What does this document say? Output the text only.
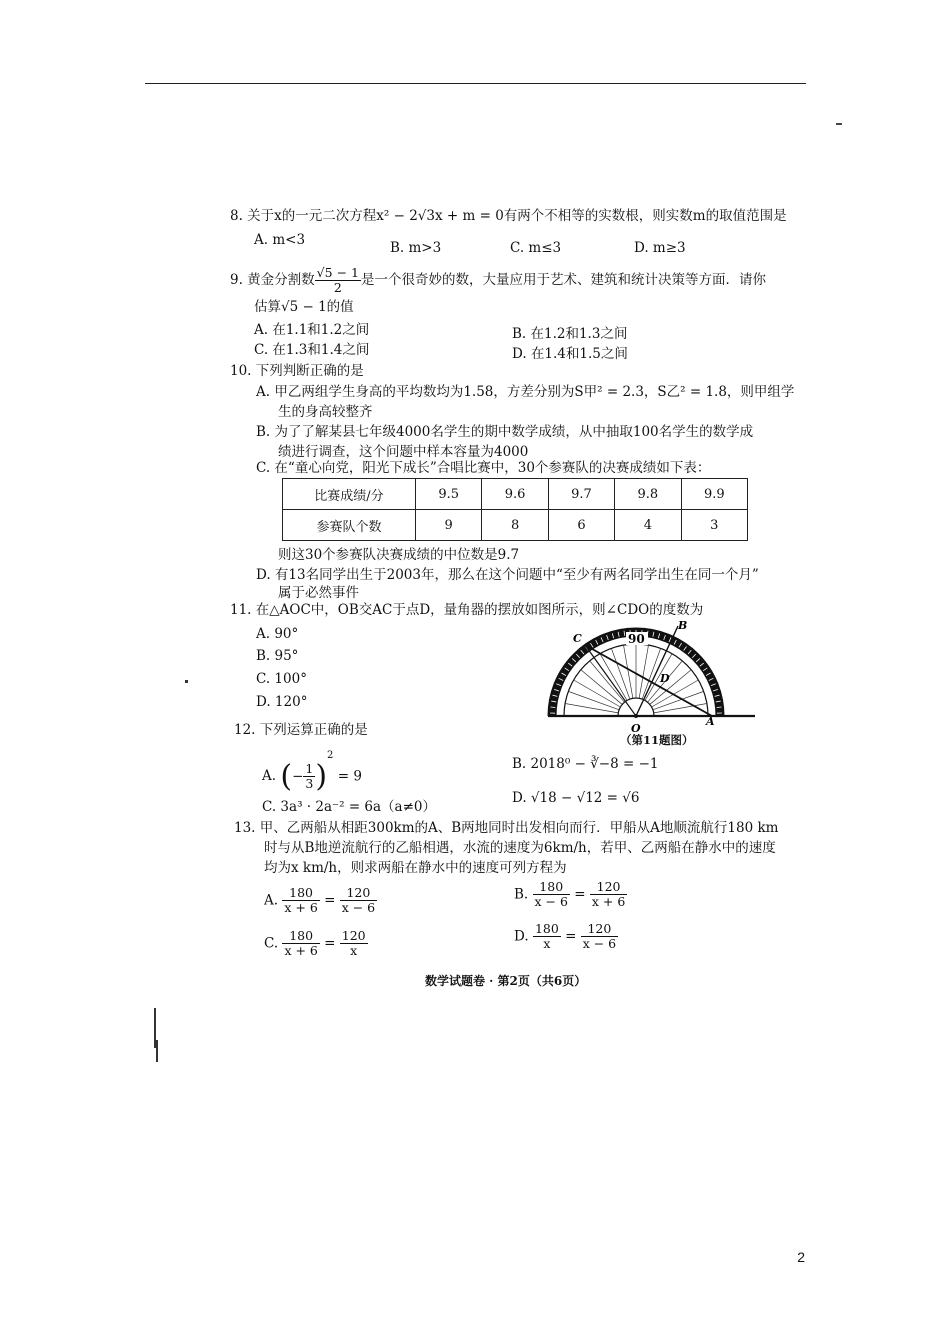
8. 关于x的一元二次方程x² − 2√3x + m = 0有两个不相等的实数根，则实数m的取值范围是
A. m<3	B. m>3	C. m≤3	D. m≥3
9. 黄金分割数 $\frac{√5 - 1}{2}$ 是一个很奇妙的数，大量应用于艺术、建筑和统计决策等方面．请你
估算√5 − 1的值
A. 在1.1和1.2之间	B. 在1.2和1.3之间
C. 在1.3和1.4之间	D. 在1.4和1.5之间
10. 下列判断正确的是
A. 甲乙两组学生身高的平均数均为1.58，方差分别为S甲² = 2.3，S乙² = 1.8，则甲组学
生的身高较整齐
B. 为了了解某县七年级4000名学生的期中数学成绩，从中抽取100名学生的数学成
绩进行调查，这个问题中样本容量为4000
C. 在“童心向党，阳光下成长”合唱比赛中，30个参赛队的决赛成绩如下表：
比赛成绩/分	9.5	9.6	9.7	9.8	9.9
参赛队个数	9	8	6	4	3
则这30个参赛队决赛成绩的中位数是9.7
D. 有13名同学出生于2003年，那么在这个问题中“至少有两名同学出生在同一个月”
属于必然事件
11. 在△AOC中，OB交AC于点D，量角器的摆放如图所示，则∠CDO的度数为
A. 90°
B. 95°
C. 100°
D. 120°
C
B
D
O
A
90
（第11题图）
12. 下列运算正确的是
A. (− $\frac{1}{3} )^2 = 9$
B. 2018⁰ − ∛−8 = −1
C. 3a³ · 2a⁻² = 6a（a≠0）
D. √18 − √12 = √6
13. 甲、乙两船从相距300km的A、B两地同时出发相向而行．甲船从A地顺流航行180 km
时与从B地逆流航行的乙船相遇，水流的速度为6km/h，若甲、乙两船在静水中的速度
均为x km/h，则求两船在静水中的速度可列方程为
A. $\frac{180}{x + 6} = \frac{120}{x - 6}$	B. $\frac{180}{x - 6} = \frac{120}{x + 6}$
C. $\frac{180}{x + 6} = \frac{120}{x}$	D. $\frac{180}{x} = \frac{120}{x - 6}$
数学试题卷 · 第2页（共6页）
2
